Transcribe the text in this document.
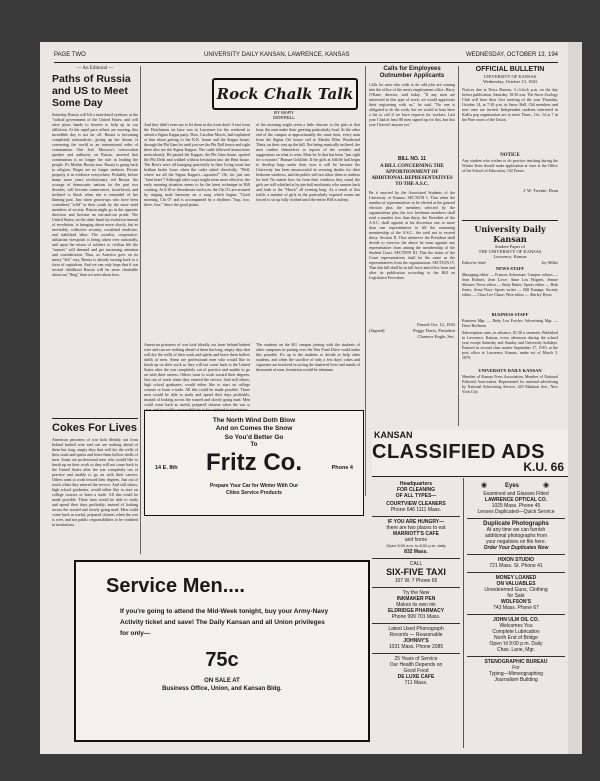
PAGE TWO	UNIVERSITY DAILY KANSAN, LAWRENCE, KANSAS	WEDNESDAY, OCTOBER 13, 194
— An Editorial —
Paths of Russia and US to Meet Some Day
Someday Russia will lift a man-dated eyebrow at the "radical government of the United States, and will raise pious hands to heaven to help up in our affliction. At the rapid pace affairs are moving, this incredible day is not far off. Russia is becoming completely nationalistic, giving up her dream of converting the world to an international order of communism. One Joel, Moscow's convocation speaker and authority on Russia, asserted that communism is no longer the rule in leading the people. It's Mother Russia now. Russia is going back to religion. Wages are no longer uniform. Private property is in evidence everywhere. Probably before many more years revolutionary red Russia, the scourge of democratic nations for the past two decades, will become conservative, strait-laced, and inclined to blush when she is reminded of her flaming past. Just when grown-ups who have been considered "wild" in their youth by the more staid members of society. Russia might go in the opposite direction and become an out-and-out prude. The United States, on the other hand, by evolution instead of revolution, is bringing about more slowly, but as inevitably, collective security, socialized medicine, and stabilized labor. The socialist, cooperative, utilitarian viewpoint is being taken over nationally, and upon the return of soldiers to civilian life the "masses" will demand and get increasing attention and consideration. Thus, as America goes on its merry "left" way, Russia is already turning back to a form of capitalism. And we can only hope that if our second childhood Russia will be more charitable about our "fling" than we were about hers.
Cokes For Lives
American prisoners of war look bleakly out from behind barbed wire and can see nothing ahead of them but long, empty days that will dry the wells of their souls and spirits and leave them hollow shells of men. Some are professional men who would like to brush up on their work so they will not come back to the United States after the war completely out of practice and unable to go on with their careers. Others want to work toward their degrees. Just out of reach when they entered the service. And still others, high school graduates, would either like to start on college courses or learn a trade. All this could be made possible. These men would be able to study and spend their days profitably, instead of looking across the wasted and slowly going mad. Men could come back as useful, prepared citizens when the war is over, and not public responsibilities to be confined in institutions.
Rock Chalk Talk
BY MARY
MORRELL
And they didn't even use to let them in the front door! A taxi from the Hutchinson air base was in Lawrence for the weekend to attend a Sigma Kappa party. Dots, Caroline Morris, had explained at him about getting to the K.K. house and the Kappa house, through the Phi Gam lot until you see the Phi Dell house and right there also are the Sigma Kappas. The cadet followed instructions meticulously. He passed the Kappas, the Phi Gam house, spotted the Phi Delts and walked without hesitation into the Beta house. The Beta's were all lounging peacefully in their living room but bedlam broke loose when the cadet asked cheerfully, "Well, where are all the Sigma Kappa's—upstairs?" Oh, for just one "faint heart"! Although other ways might seem more effective, the early morning situation seems to be the latest technique in Hill courting. At 6:30 or thereabouts each a.m. the Chi O's are aroused by ringing male harmony on a song which begins "Good morning, Chi O" and is accompanied by a rhythmic "hup, two, three, four." Since the good points
of the morning might seem a little obscure to the girls at that hour, the men make their greeting particularly loud. At the other end of the campus at approximately the same time, every man from the Sigma Chi house call to Martha Ellen Woodward Theta, on their way up the hill. Not being musically inclined, the men confine themselves to reports of the weather and suggestions on what to wear. Must be Jo that has been "just right for a sweater." Human Goldfish: If the girls at Jolliffe hall begin to develop bags under their eyes it will be because the University has been unsuccessful in securing shades for their bedroom windows, and the public will not allow them to undress for bed. No matter how far from their windows they stand, the girls are still whistled at by pin-ball machinists who saunter back and forth to the "Hawk" all evening long. As a result of this traffic a number of girls in the particularly exposed rooms are forced to sit up fully clothed until the entire Hill is asleep.
American prisoners of war look bleakly out from behind barbed wire and can see nothing ahead of them but long, empty days that will dry the wells of their souls and spirits and leave them hollow shells of men. Some are professional men who would like to brush up on their work so they will not come back to the United States after the war completely out of practice and unable to go on with their careers. Others want to work toward their degrees. Just out of reach when they entered the service. And still others, high school graduates, would either like to start on college courses or learn a trade. All this could be made possible. These men would be able to study and spend their days profitably, instead of looking across the wasted and slowly going mad. Men could come back as useful, prepared citizens when the war is
The students on the KU campus joining with the students of other campuses in putting over the War Fund Drive could make this possible. It's up to the students to decide to help other students, and when the sacrifice of only a few days' cokes and cigarettes are involved in saving the shattered lives and minds of thousands of men, hesitation would be inhuman.
Calls for Employees
Outnumber Applicants
Calls for men who wish to do odd jobs are coming into the office of the men's employment office, Harry O'Kane, director, said today. "If any men are interested in this type of work, we would appreciate their registering with us," he said. "No one is obligated to do the work, but we would at least have a list to call if we have requests for workers. Last year I had at least 80 men signed up for this, but this year I haven't anyone yet."
BILL NO. 11
A BILL CONCERNING THE APPORTIONMENT OF ADDITIONAL REPRESENTATIVES TO THE A.S.C.
Be it enacted by the Associated Students of the University of Kansas: SECTION I. That when the number of representatives to be elected at the general election plus the members selected by the organizations plus the two freshmen members shall total a number less than thirty, the President of the A.S.C. shall appoint at his discretion one or more than one representative to fill the remaining membership of the A.S.C., the total not to exceed thirty. Section II. That whenever the President shall decide to exercise the above he must appoint any representative from among the membership of the Student Court. SECTION III. That the status of the Court representatives shall be the same as the representatives from the organizations. SECTION IV. That this bill shall be in full force and effect from and after its publication according to the Bill on Legislative Procedure.
Passed Oct. 12, 1943
(Signed)	Peggy Davis, President
Clarence Engle, Sec.
OFFICIAL BULLETIN
UNIVERSITY OF KANSAS
Wednesday, October 13, 1943
Notices due at News Bureau, 3 o'clock p.m. on the day before publication. Saturday, 10:30 a.m. The Snow Zoology Club will have their first meeting of the year Thursday, October 14, at 7:30 p.m. in Snow Hall. Old members and new ones are invited. Independent students interested in KuKu pep organization are to meet Thurs., Oct. 14 at 7 in the Pine room of the Union.
NOTICE
Any student who wishes to do practice teaching during the Winter Term should make application at once at the Office of the School of Education, 102 Fraser.
J. W. Twente, Dean
University Daily Kansan
Student Paper of
THE UNIVERSITY OF KANSAS
Lawrence, Kansas
Editor-in-chief	Joy Miller
NEWS STAFF
Managing editor — Frances Ackerman; Campus editors — Jean Holmes, Jean Lowe; Anne Lou Hogsett, Jeanne Shearer; News editor — Betty Baker; Sports editor — Beth Jones; Army-Navy Sports writer — Bill Kanaga; Society editor — Clara Lee Chase; Wire editor — Shirley Byers
BUSINESS STAFF
Business Mgr. — Betty Lou Fowler; Advertising Mgr. — Dave Hoffman
Subscription rates, in advance, $1.50 a semester. Published in Lawrence, Kansas, every afternoon during the school year except Saturday and Sunday and University holidays. Entered as second class matter September 17, 1910, at the post office at Lawrence, Kansas, under act of March 3, 1879.
UNIVERSITY DAILY KANSAN
Member of Kansas Press Association. Member of National Editorial Association. Represented for national advertising by National Advertising Service, 420 Madison Ave., New York City.
The North Wind Doth Blow
And on Comes the Snow
So You'd Better Go
To
14 E. 8th Fritz Co.	Phone 4
Prepare Your Car for Winter With Our
Cities Service Products
Service Men....
If you're going to attend the Mid-Week tonight, buy your Army-Navy Activity ticket and save! The Daily Kansan and all Union privileges for only—
75c
ON SALE AT
Business Office, Union, and Kansan Bldg.
KANSAN
CLASSIFIED ADS
K.U. 66
Headquarters
FOR CLEANING
OF ALL TYPES—
COURTVIEW CLEANERS
Phone 646 1111 Mass.
IF YOU ARE HUNGRY—
there are two places to eat
MARRIOTT'S CAFE
and home
Open 5:00 a.m. to 8:00 p.m. daily
832 Mass.
CALL
SIX-FIVE TAXI
107 W. 7 Phone 65
Try the New
INKMAKER PEN
Makes its own ink
ELDRIDGE PHARMACY
Phone 999 701 Mass.
Latest Used Phonograph
Records — Reasonable
JOHNNY'S
1031 Mass. Phone 2085
25 Years of Service
Our Health Depends on
Good Food
DE LUXE CAFE
711 Mass.
◉	Eyes	◉
Examined and Glasses Fitted
LAWRENCE OPTICAL CO.
1025 Mass. Phone 45
Lenses Duplicated—Quick Service
Duplicate Photographs
At any time we can furnish
additional photographs from
your negatives on file here.
Order Your Duplicates Now
HIXON STUDIO
721 Mass. St. Phone 41
MONEY LOANED
ON VALUABLES
Unredeemed Guns, Clothing
for Sale
WOLFSON'S
743 Mass. Phone 67
JOHN ULM OIL CO.
Welcomes You
Complete Lubrication
North End of Bridge
Open 'til 9:00 p.m. Daily
Chas. Lane, Mgr.
STENOGRAPHIC BUREAU
For
Typing—Mimeographing
Journalism Building
